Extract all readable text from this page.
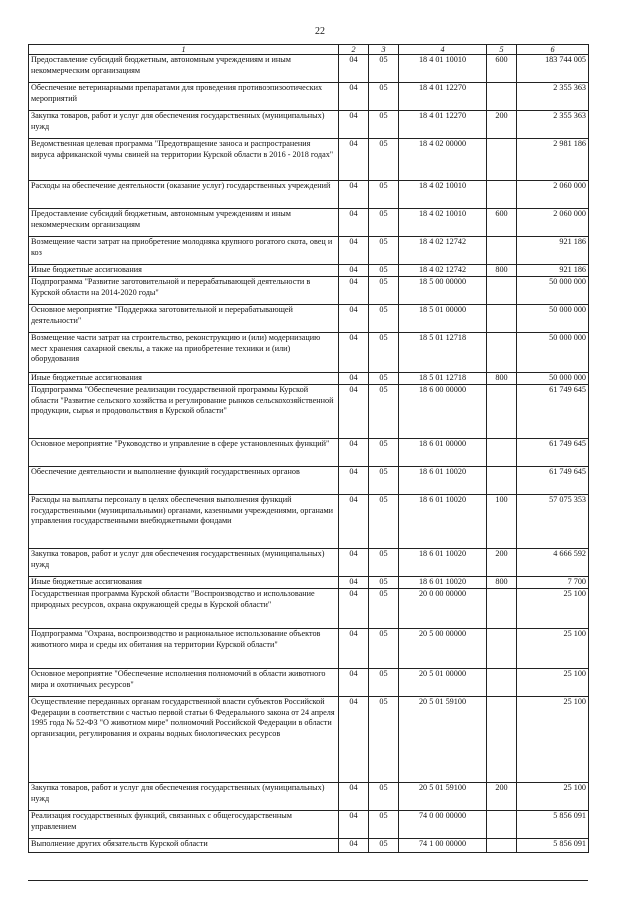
22
1	2	3	4	5	6
Предоставление субсидий бюджетным, автономным учреждениям и иным некоммерческим организациям	04	05	18 4 01 10010	600	183 744 005
Обеспечение ветеринарными препаратами для проведения противоэпизоотических мероприятий	04	05	18 4 01 12270		2 355 363
Закупка товаров, работ и услуг для обеспечения государственных (муниципальных) нужд	04	05	18 4 01 12270	200	2 355 363
Ведомственная целевая программа "Предотвращение заноса и распространения вируса африканской чумы свиней на территории Курской области в 2016 - 2018 годах"	04	05	18 4 02 00000		2 981 186
Расходы на обеспечение деятельности (оказание услуг) государственных учреждений	04	05	18 4 02 10010		2 060 000
Предоставление субсидий бюджетным, автономным учреждениям и иным некоммерческим организациям	04	05	18 4 02 10010	600	2 060 000
Возмещение части затрат на приобретение молодняка крупного рогатого скота, овец и коз	04	05	18 4 02 12742		921 186
Иные бюджетные ассигнования	04	05	18 4 02 12742	800	921 186
Подпрограмма "Развитие заготовительной и перерабатывающей деятельности в Курской области на 2014-2020 годы"	04	05	18 5 00 00000		50 000 000
Основное мероприятие "Поддержка заготовительной и перерабатывающей деятельности"	04	05	18 5 01 00000		50 000 000
Возмещение части затрат на строительство, реконструкцию и (или) модернизацию мест хранения сахарной свеклы, а также на приобретение техники и (или) оборудования	04	05	18 5 01 12718		50 000 000
Иные бюджетные ассигнования	04	05	18 5 01 12718	800	50 000 000
Подпрограмма "Обеспечение реализации государственной программы Курской области "Развитие сельского хозяйства и регулирование рынков сельскохозяйственной продукции, сырья и продовольствия в Курской области"	04	05	18 6 00 00000		61 749 645
Основное мероприятие "Руководство и управление в сфере установленных функций"	04	05	18 6 01 00000		61 749 645
Обеспечение деятельности и выполнение функций государственных органов	04	05	18 6 01 10020		61 749 645
Расходы на выплаты персоналу в целях обеспечения выполнения функций государственными (муниципальными) органами, казенными учреждениями, органами управления государственными внебюджетными фондами	04	05	18 6 01 10020	100	57 075 353
Закупка товаров, работ и услуг для обеспечения государственных (муниципальных) нужд	04	05	18 6 01 10020	200	4 666 592
Иные бюджетные ассигнования	04	05	18 6 01 10020	800	7 700
Государственная программа Курской области "Воспроизводство и использование природных ресурсов, охрана окружающей среды в Курской области"	04	05	20 0 00 00000		25 100
Подпрограмма "Охрана, воспроизводство и рациональное использование объектов животного мира и среды их обитания на территории Курской области"	04	05	20 5 00 00000		25 100
Основное мероприятие "Обеспечение исполнения полномочий в области животного мира и охотничьих ресурсов"	04	05	20 5 01 00000		25 100
Осуществление переданных органам государственной власти субъектов Российской Федерации в соответствии с частью первой статьи 6 Федерального закона от 24 апреля 1995 года № 52-ФЗ "О животном мире" полномочий Российской Федерации в области организации, регулирования и охраны водных биологических ресурсов	04	05	20 5 01 59100		25 100
Закупка товаров, работ и услуг для обеспечения государственных (муниципальных) нужд	04	05	20 5 01 59100	200	25 100
Реализация государственных функций, связанных с общегосударственным управлением	04	05	74 0 00 00000		5 856 091
Выполнение других обязательств Курской области	04	05	74 1 00 00000		5 856 091
